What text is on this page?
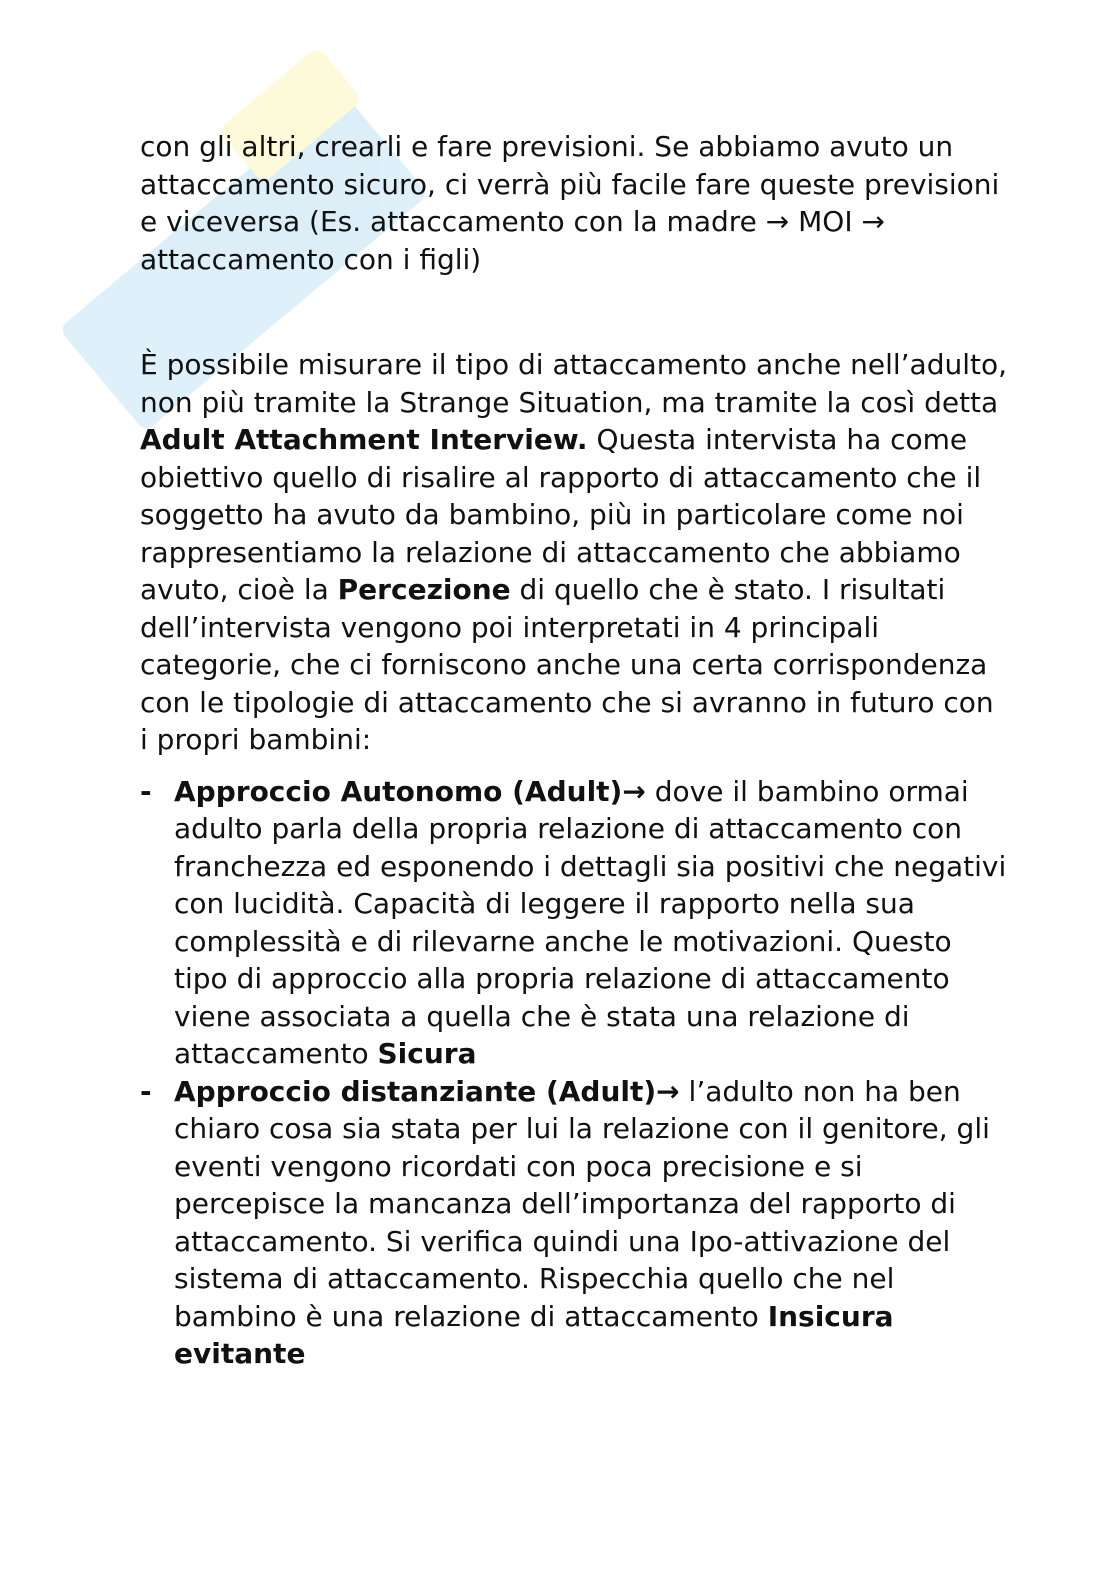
con gli altri, crearli e fare previsioni. Se abbiamo avuto un attaccamento sicuro, ci verrà più facile fare queste previsioni e viceversa (Es. attaccamento con la madre → MOI → attaccamento con i figli)

È possibile misurare il tipo di attaccamento anche nell’adulto, non più tramite la Strange Situation, ma tramite la così detta Adult Attachment Interview. Questa intervista ha come obiettivo quello di risalire al rapporto di attaccamento che il soggetto ha avuto da bambino, più in particolare come noi rappresentiamo la relazione di attaccamento che abbiamo avuto, cioè la Percezione di quello che è stato. I risultati dell’intervista vengono poi interpretati in 4 principali categorie, che ci forniscono anche una certa corrispondenza con le tipologie di attaccamento che si avranno in futuro con i propri bambini:

- Approccio Autonomo (Adult)→ dove il bambino ormai adulto parla della propria relazione di attaccamento con franchezza ed esponendo i dettagli sia positivi che negativi con lucidità. Capacità di leggere il rapporto nella sua complessità e di rilevarne anche le motivazioni. Questo tipo di approccio alla propria relazione di attaccamento viene associata a quella che è stata una relazione di attaccamento Sicura
- Approccio distanziante (Adult)→ l’adulto non ha ben chiaro cosa sia stata per lui la relazione con il genitore, gli eventi vengono ricordati con poca precisione e si percepisce la mancanza dell’importanza del rapporto di attaccamento. Si verifica quindi una Ipo-attivazione del sistema di attaccamento. Rispecchia quello che nel bambino è una relazione di attaccamento Insicura evitante
